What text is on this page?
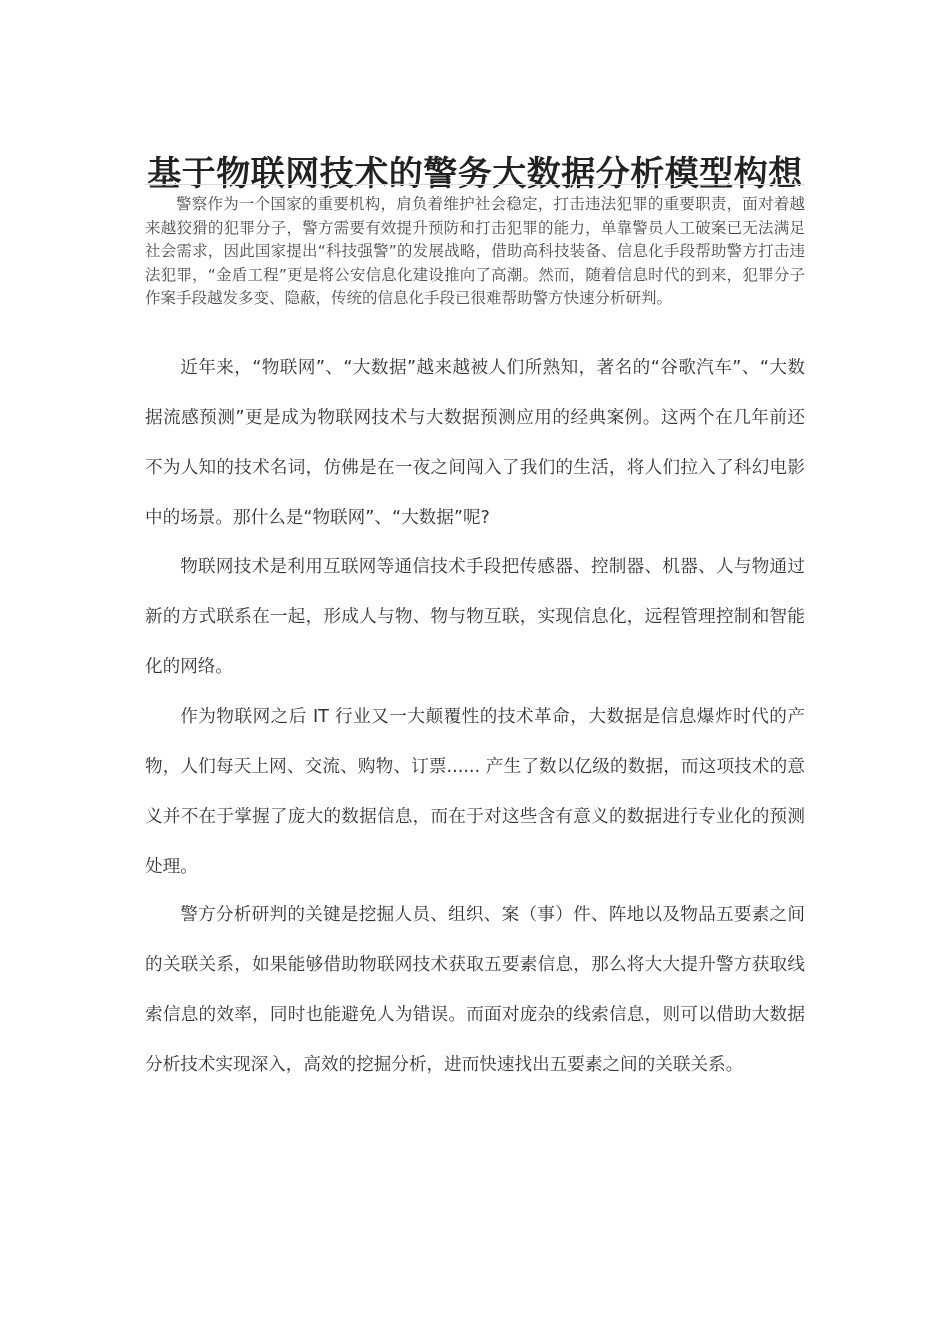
基于物联网技术的警务大数据分析模型构想

警察作为一个国家的重要机构，肩负着维护社会稳定，打击违法犯罪的重要职责，面对着越来越狡猾的犯罪分子，警方需要有效提升预防和打击犯罪的能力，单靠警员人工破案已无法满足社会需求，因此国家提出“科技强警”的发展战略，借助高科技装备、信息化手段帮助警方打击违法犯罪，“金盾工程”更是将公安信息化建设推向了高潮。然而，随着信息时代的到来，犯罪分子作案手段越发多变、隐蔽，传统的信息化手段已很难帮助警方快速分析研判。

近年来，“物联网”、“大数据”越来越被人们所熟知，著名的“谷歌汽车”、“大数据流感预测”更是成为物联网技术与大数据预测应用的经典案例。这两个在几年前还不为人知的技术名词，仿佛是在一夜之间闯入了我们的生活，将人们拉入了科幻电影中的场景。那什么是“物联网”、“大数据”呢?

物联网技术是利用互联网等通信技术手段把传感器、控制器、机器、人与物通过新的方式联系在一起，形成人与物、物与物互联，实现信息化，远程管理控制和智能化的网络。

作为物联网之后 IT 行业又一大颠覆性的技术革命，大数据是信息爆炸时代的产物，人们每天上网、交流、购物、订票...... 产生了数以亿级的数据，而这项技术的意义并不在于掌握了庞大的数据信息，而在于对这些含有意义的数据进行专业化的预测处理。

警方分析研判的关键是挖掘人员、组织、案（事）件、阵地以及物品五要素之间的关联关系，如果能够借助物联网技术获取五要素信息，那么将大大提升警方获取线索信息的效率，同时也能避免人为错误。而面对庞杂的线索信息，则可以借助大数据分析技术实现深入，高效的挖掘分析，进而快速找出五要素之间的关联关系。
